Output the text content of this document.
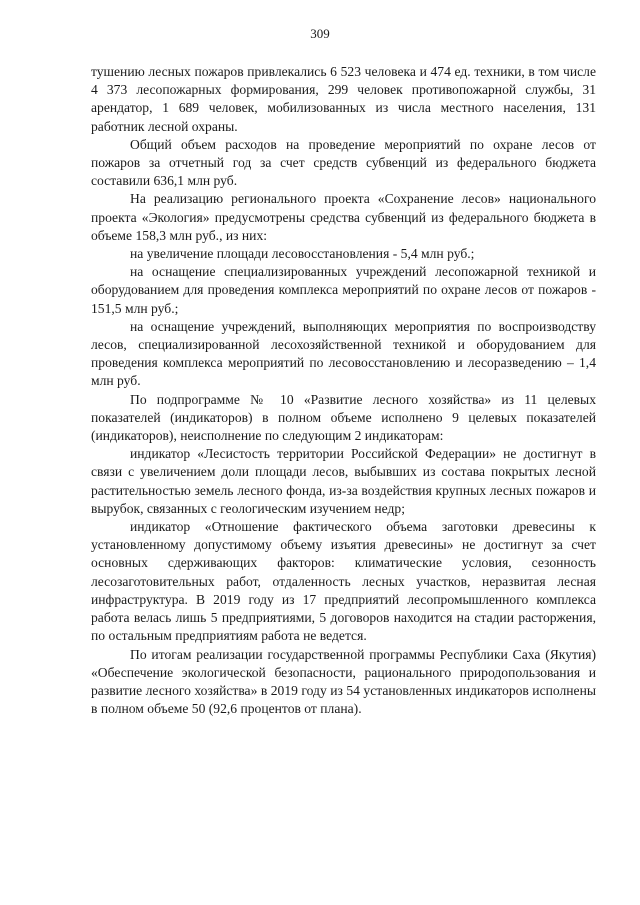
309

тушению лесных пожаров привлекались 6 523 человека и 474 ед. техники, в том числе 4 373 лесопожарных формирования, 299 человек противопожарной службы, 31 арендатор, 1 689 человек, мобилизованных из числа местного населения, 131 работник лесной охраны.

Общий объем расходов на проведение мероприятий по охране лесов от пожаров за отчетный год за счет средств субвенций из федерального бюджета составили 636,1 млн руб.

На реализацию регионального проекта «Сохранение лесов» национального проекта «Экология» предусмотрены средства субвенций из федерального бюджета в объеме 158,3 млн руб., из них:

на увеличение площади лесовосстановления - 5,4 млн руб.;

на оснащение специализированных учреждений лесопожарной техникой и оборудованием для проведения комплекса мероприятий по охране лесов от пожаров - 151,5 млн руб.;

на оснащение учреждений, выполняющих мероприятия по воспроизводству лесов, специализированной лесохозяйственной техникой и оборудованием для проведения комплекса мероприятий по лесовосстановлению и лесоразведению – 1,4 млн руб.

По подпрограмме № 10 «Развитие лесного хозяйства» из 11 целевых показателей (индикаторов) в полном объеме исполнено 9 целевых показателей (индикаторов), неисполнение по следующим 2 индикаторам:

индикатор «Лесистость территории Российской Федерации» не достигнут в связи с увеличением доли площади лесов, выбывших из состава покрытых лесной растительностью земель лесного фонда, из-за воздействия крупных лесных пожаров и вырубок, связанных с геологическим изучением недр;

индикатор «Отношение фактического объема заготовки древесины к установленному допустимому объему изъятия древесины» не достигнут за счет основных сдерживающих факторов: климатические условия, сезонность лесозаготовительных работ, отдаленность лесных участков, неразвитая лесная инфраструктура. В 2019 году из 17 предприятий лесопромышленного комплекса работа велась лишь 5 предприятиями, 5 договоров находится на стадии расторжения, по остальным предприятиям работа не ведется.

По итогам реализации государственной программы Республики Саха (Якутия) «Обеспечение экологической безопасности, рационального природопользования и развитие лесного хозяйства» в 2019 году из 54 установленных индикаторов исполнены в полном объеме 50 (92,6 процентов от плана).
